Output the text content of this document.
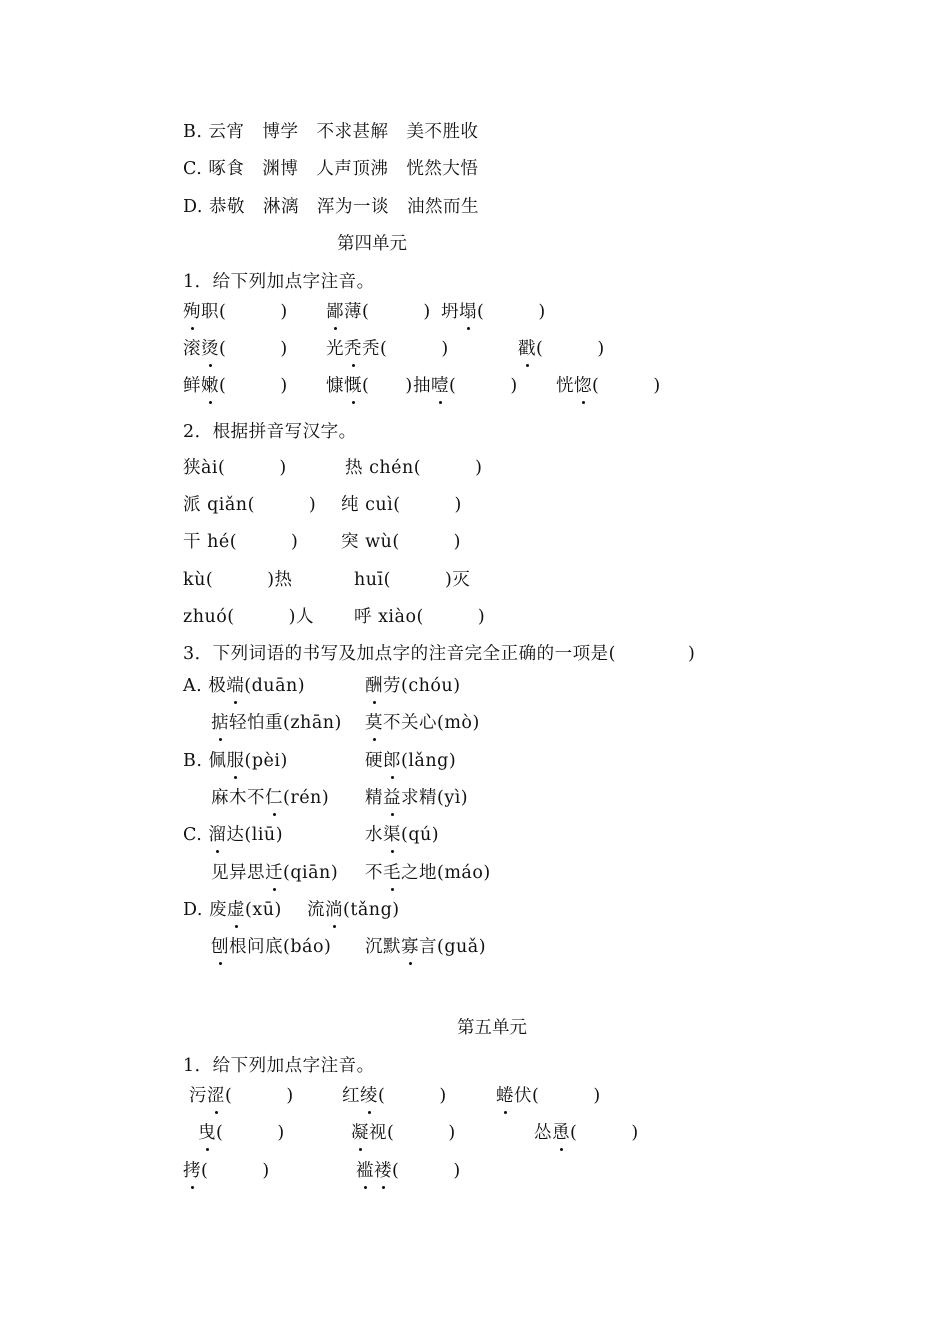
B. 云宵　博学　不求甚解　美不胜收
C. 啄食　渊博　人声顶沸　恍然大悟
D. 恭敬　淋漓　浑为一谈　油然而生
第四单元
1．给下列加点字注音。
殉职(　　　) 鄙薄(　　　) 坍塌(　　　)
滚烫(　　　) 光秃秃(　　　)	戳(　　　)
鲜嫩(　　　) 慷慨(　　) 抽噎(　　　) 恍惚(　　　)
2．根据拼音写汉字。
狭ài(　　　)	热 chén(　　　)
派 qiǎn(　　　) 纯 cuì(　　　)
干 hé(　　　) 突 wù(　　　)
kù(　　　)热	huī(　　　)灭
zhuó(　　　)人 呼 xiào(　　　)
3．下列词语的书写及加点字的注音完全正确的一项是(　　　　)
A. 极端(duān)	酬劳(chóu)
掂轻怕重(zhān) 莫不关心(mò)
B. 佩服(pèi)	硬郎(lǎng)
麻木不仁(rén) 精益求精(yì)
C. 溜达(liū)	水渠(qú)
见异思迁(qiān) 不毛之地(máo)
D. 废虚(xū) 流淌(tǎng)
刨根问底(báo) 沉默寡言(guǎ)
第五单元
1．给下列加点字注音。
污涩(　　　)	红绫(　　　)	蜷伏(　　　)
曳(　　　)	凝视(　　　)	怂恿(　　　)
拷(　　　)	褴褛(　　　)
